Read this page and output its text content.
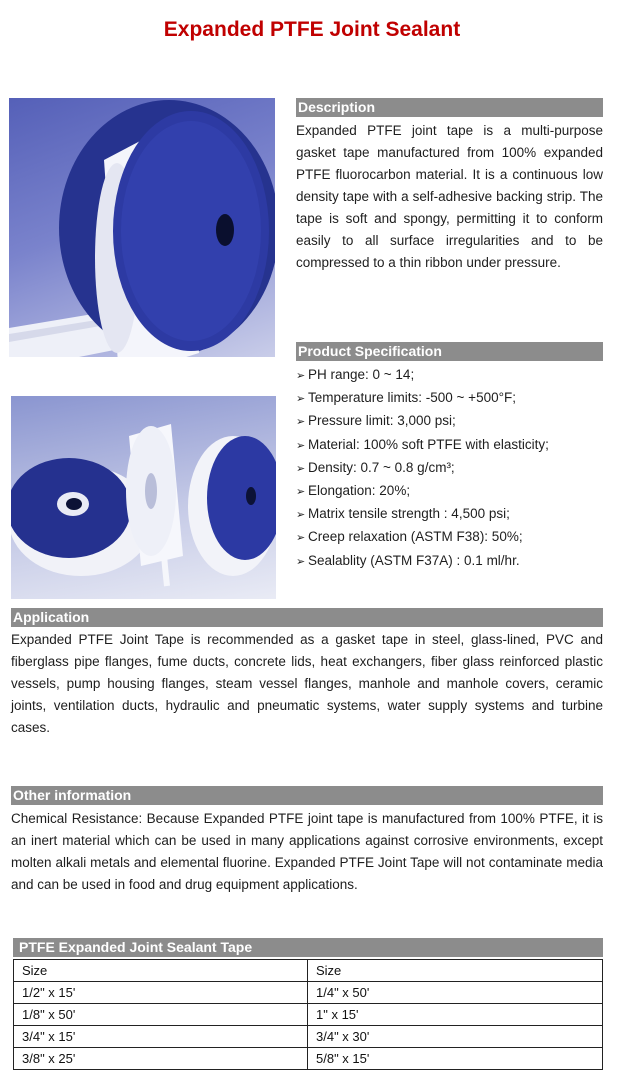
Expanded PTFE Joint Sealant
Description

Expanded PTFE joint tape is a multi-purpose gasket tape manufactured from 100% expanded PTFE fluorocarbon material. It is a continuous low density tape with a self-adhesive backing strip. The tape is soft and spongy, permitting it to conform easily to all surface irregularities and to be compressed to a thin ribbon under pressure.

Product Specification
➢ PH range: 0 ~ 14;
➢ Temperature limits: -500 ~ +500°F;
➢ Pressure limit: 3,000 psi;
➢ Material: 100% soft PTFE with elasticity;
➢ Density: 0.7 ~ 0.8 g/cm³;
➢ Elongation: 20%;
➢ Matrix tensile strength : 4,500 psi;
➢ Creep relaxation (ASTM F38): 50%;
➢ Sealablity (ASTM F37A) : 0.1 ml/hr.
Application

Expanded PTFE Joint Tape is recommended as a gasket tape in steel, glass-lined, PVC and fiberglass pipe flanges, fume ducts, concrete lids, heat exchangers, fiber glass reinforced plastic vessels, pump housing flanges, steam vessel flanges, manhole and manhole covers, ceramic joints, ventilation ducts, hydraulic and pneumatic systems, water supply systems and turbine cases.

Other information

Chemical Resistance: Because Expanded PTFE joint tape is manufactured from 100% PTFE, it is an inert material which can be used in many applications against corrosive environments, except molten alkali metals and elemental fluorine. Expanded PTFE Joint Tape will not contaminate media and can be used in food and drug equipment applications.

PTFE Expanded Joint Sealant Tape
Size	Size
1/2" x 15'	1/4" x 50'
1/8" x 50'	1" x 15'
3/4" x 15'	3/4" x 30'
3/8" x 25'	5/8" x 15'
